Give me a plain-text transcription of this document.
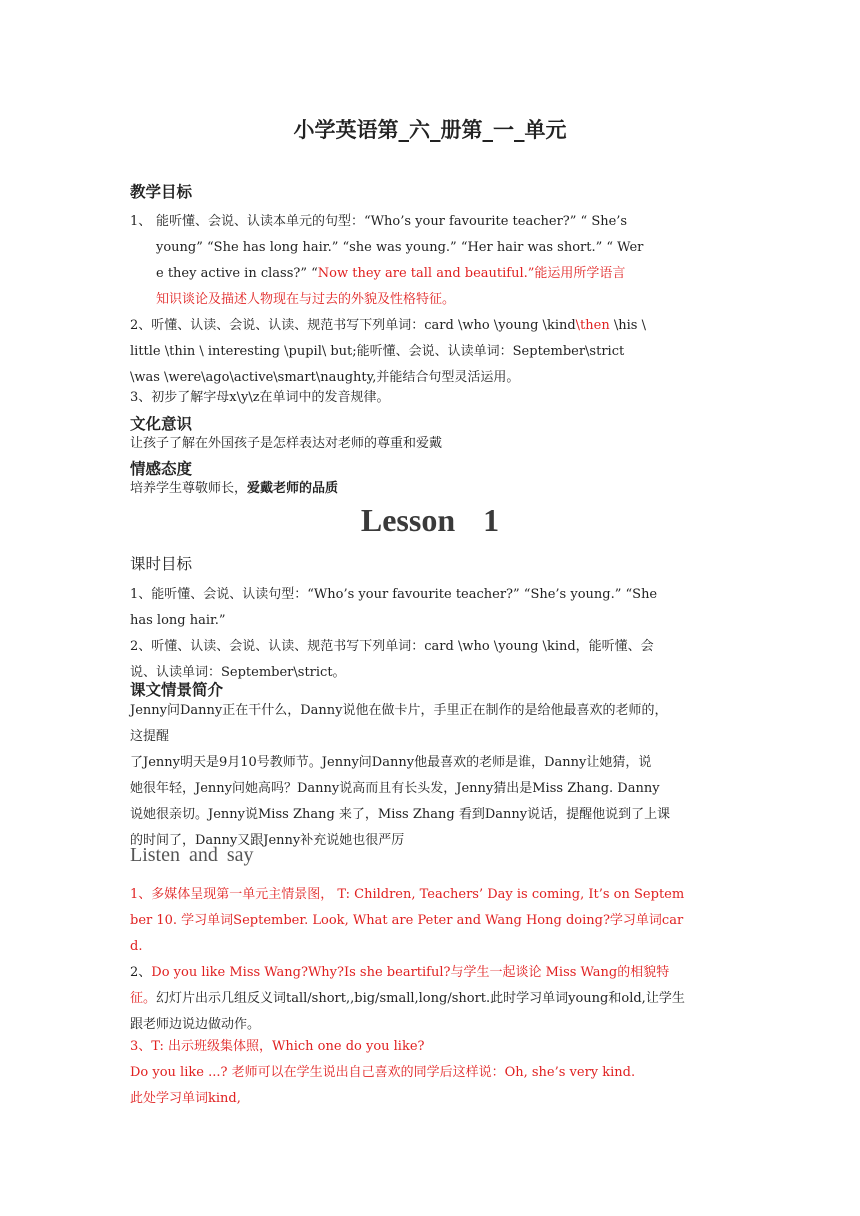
小学英语第_六_册第_一_单元
教学目标
1、 能听懂、会说、认读本单元的句型：“Who’s your favourite teacher?” “ She’s
young” “She has long hair.” “she was young.” “Her hair was short.” “ Wer
e they active in class?” “Now they are tall and beautiful.”能运用所学语言
知识谈论及描述人物现在与过去的外貌及性格特征。
2、听懂、认读、会说、认读、规范书写下列单词：card \who \young \kind\then \his \
little \thin \ interesting \pupil\ but;能听懂、会说、认读单词：September\strict
\was \were\ago\active\smart\naughty,并能结合句型灵活运用。
3、初步了解字母x\y\z在单词中的发音规律。
文化意识
让孩子了解在外国孩子是怎样表达对老师的尊重和爱戴
情感态度
培养学生尊敬师长，爱戴老师的品质
Lesson 1
课时目标
1、能听懂、会说、认读句型：“Who’s your favourite teacher?” “She’s young.” “She
has long hair.”
2、听懂、认读、会说、认读、规范书写下列单词：card \who \young \kind，能听懂、会
说、认读单词：September\strict。
课文情景简介
Jenny问Danny正在干什么，Danny说他在做卡片，手里正在制作的是给他最喜欢的老师的，
这提醒
了Jenny明天是9月10号教师节。Jenny问Danny他最喜欢的老师是谁，Danny让她猜，说
她很年轻，Jenny问她高吗？Danny说高而且有长头发，Jenny猜出是Miss Zhang. Danny
说她很亲切。Jenny说Miss Zhang 来了，Miss Zhang 看到Danny说话，提醒他说到了上课
的时间了，Danny又跟Jenny补充说她也很严厉
Listen and say
1、多媒体呈现第一单元主情景图， T: Children, Teachers’ Day is coming, It’s on Septem
ber 10. 学习单词September. Look, What are Peter and Wang Hong doing?学习单词car
d.
2、Do you like Miss Wang?Why?Is she beartiful?与学生一起谈论 Miss Wang的相貌特
征。幻灯片出示几组反义词tall/short,,big/small,long/short.此时学习单词young和old,让学生
跟老师边说边做动作。
3、T: 出示班级集体照，Which one do you like?
Do you like ...? 老师可以在学生说出自己喜欢的同学后这样说：Oh, she’s very kind.
此处学习单词kind,
